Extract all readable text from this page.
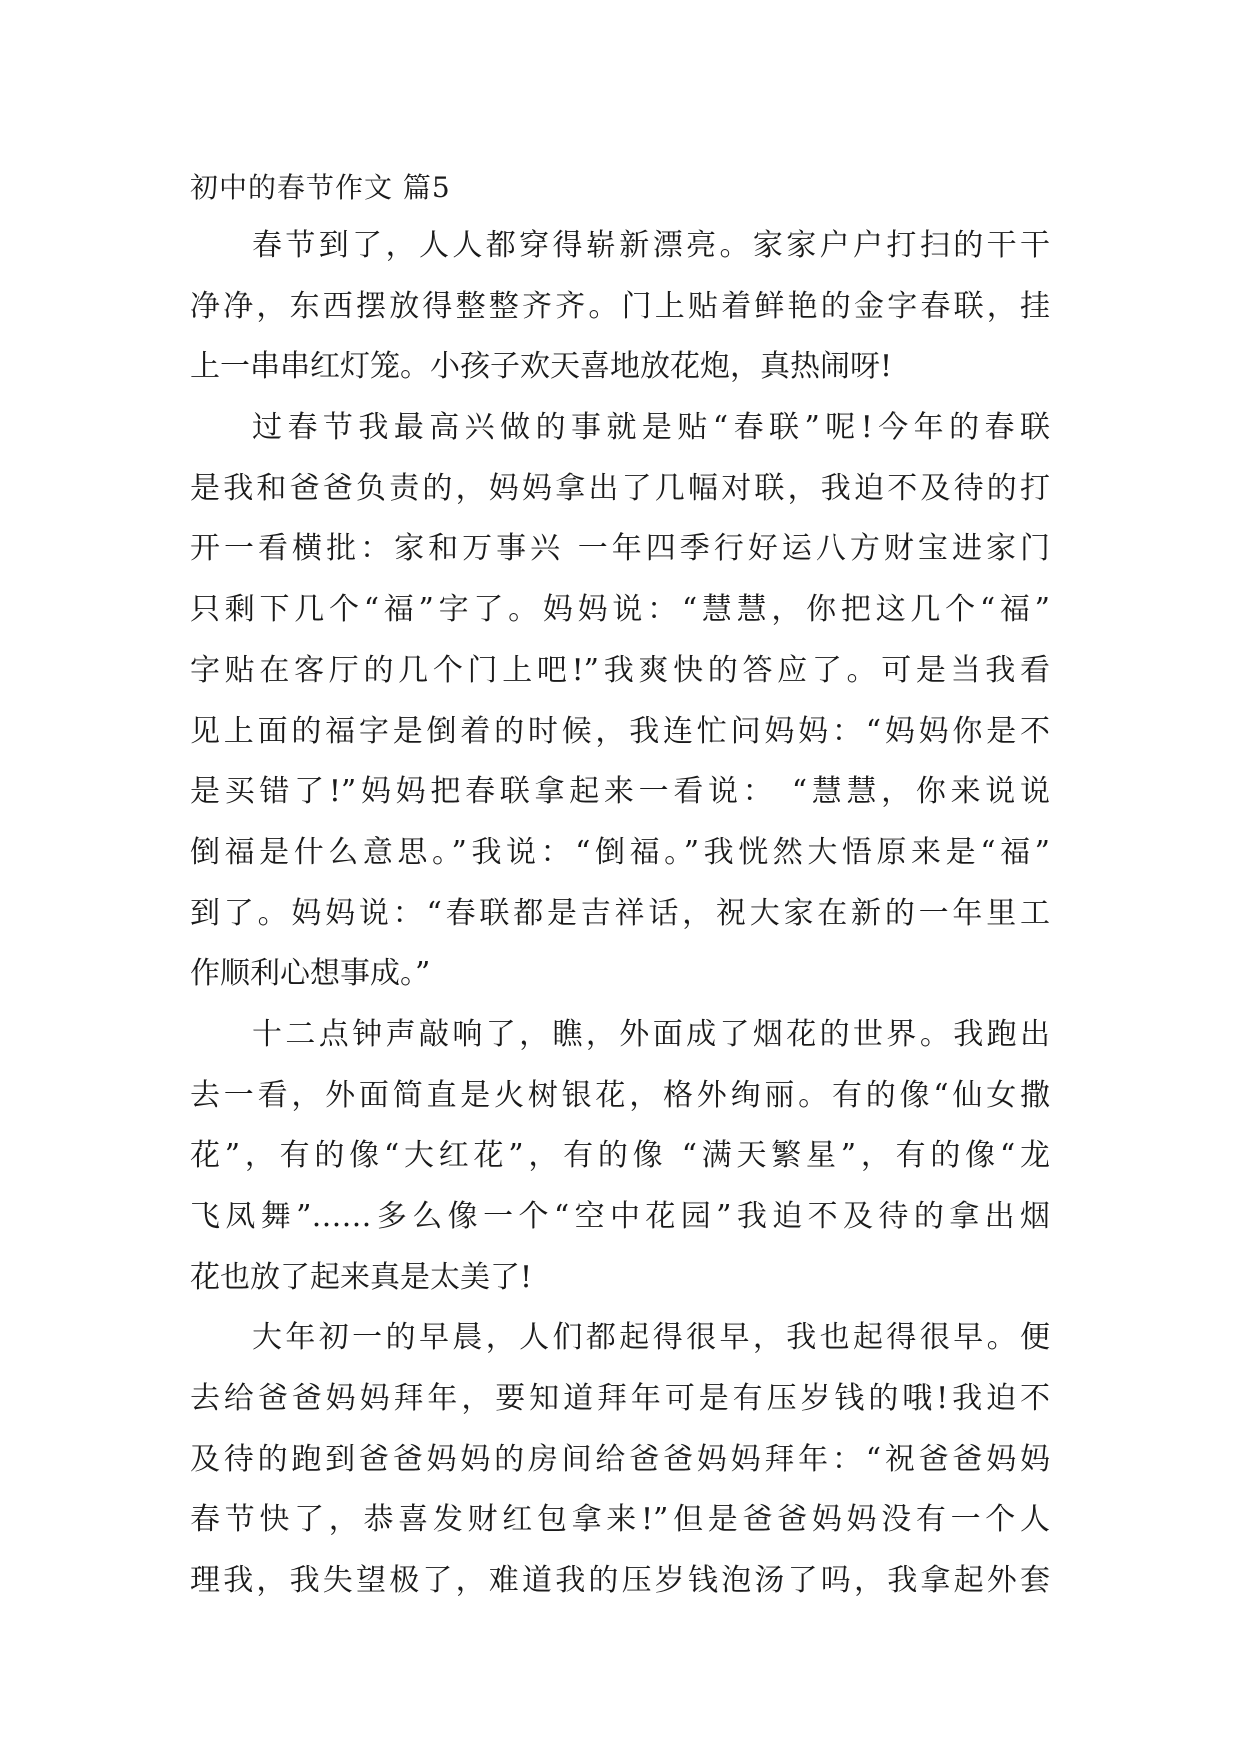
初中的春节作文 篇5

春节到了，人人都穿得崭新漂亮。家家户户打扫的干干
净净，东西摆放得整整齐齐。门上贴着鲜艳的金字春联，挂
上一串串红灯笼。小孩子欢天喜地放花炮，真热闹呀!

过春节我最高兴做的事就是贴“春联”呢!今年的春联
是我和爸爸负责的，妈妈拿出了几幅对联，我迫不及待的打
开一看横批：家和万事兴 一年四季行好运八方财宝进家门
只剩下几个“福”字了。妈妈说：“慧慧，你把这几个“福”
字贴在客厅的几个门上吧!”我爽快的答应了。可是当我看
见上面的福字是倒着的时候，我连忙问妈妈：“妈妈你是不
是买错了!”妈妈把春联拿起来一看说： “慧慧，你来说说
倒福是什么意思。”我说：“倒福。”我恍然大悟原来是“福”
到了。妈妈说：“春联都是吉祥话，祝大家在新的一年里工
作顺利心想事成。”

十二点钟声敲响了，瞧，外面成了烟花的世界。我跑出
去一看，外面简直是火树银花，格外绚丽。有的像“仙女撒
花”，有的像“大红花”，有的像 “满天繁星”，有的像“龙
飞凤舞”……多么像一个“空中花园”我迫不及待的拿出烟
花也放了起来真是太美了!

大年初一的早晨，人们都起得很早，我也起得很早。便
去给爸爸妈妈拜年，要知道拜年可是有压岁钱的哦!我迫不
及待的跑到爸爸妈妈的房间给爸爸妈妈拜年：“祝爸爸妈妈
春节快了，恭喜发财红包拿来!”但是爸爸妈妈没有一个人
理我，我失望极了，难道我的压岁钱泡汤了吗，我拿起外套
